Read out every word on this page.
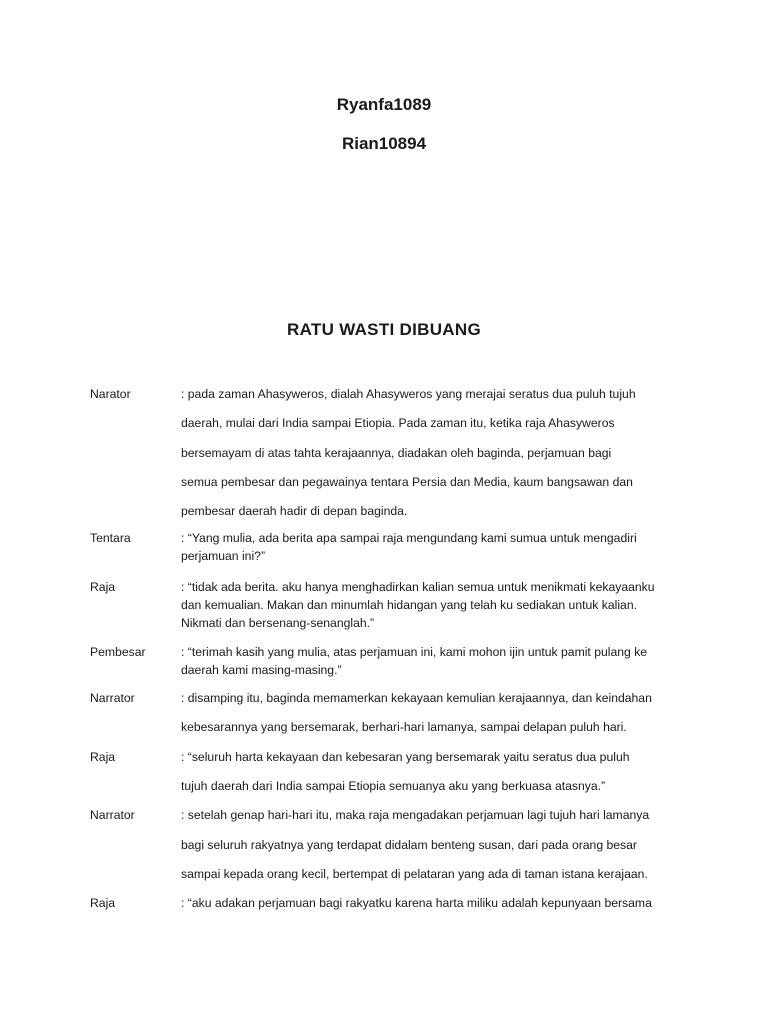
Ryanfa1089
Rian10894
RATU WASTI DIBUANG
Narator	: pada zaman Ahasyweros, dialah Ahasyweros yang merajai seratus dua puluh tujuh
daerah, mulai dari India sampai Etiopia. Pada zaman itu, ketika raja Ahasyweros
bersemayam di atas tahta kerajaannya, diadakan oleh baginda, perjamuan bagi
semua pembesar dan pegawainya tentara Persia dan Media, kaum bangsawan dan
pembesar daerah hadir di depan baginda.
Tentara	: “Yang mulia, ada berita apa sampai raja mengundang kami sumua untuk mengadiri
perjamuan ini?”
Raja	: “tidak ada berita. aku hanya menghadirkan kalian semua untuk menikmati kekayaanku
dan kemualian. Makan dan minumlah hidangan yang telah ku sediakan untuk kalian.
Nikmati dan bersenang-senanglah.”
Pembesar	: “terimah kasih yang mulia, atas perjamuan ini, kami mohon ijin untuk pamit pulang ke
daerah kami masing-masing.”
Narrator	: disamping itu, baginda memamerkan kekayaan kemulian kerajaannya, dan keindahan
kebesarannya yang bersemarak, berhari-hari lamanya, sampai delapan puluh hari.
Raja	: “seluruh harta kekayaan dan kebesaran yang bersemarak yaitu seratus dua puluh
tujuh daerah dari India sampai Etiopia semuanya aku yang berkuasa atasnya.”
Narrator	: setelah genap hari-hari itu, maka raja mengadakan perjamuan lagi tujuh hari lamanya
bagi seluruh rakyatnya yang terdapat didalam benteng susan, dari pada orang besar
sampai kepada orang kecil, bertempat di pelataran yang ada di taman istana kerajaan.
Raja	: “aku adakan perjamuan bagi rakyatku karena harta miliku adalah kepunyaan bersama
